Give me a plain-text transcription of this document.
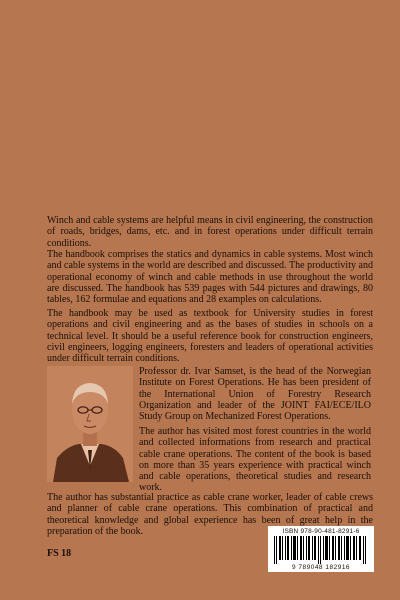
Winch and cable systems are helpful means in civil engineering, the construction of roads, bridges, dams, etc. and in forest operations under difficult terrain conditions.

The handbook comprises the statics and dynamics in cable systems. Most winch and cable systems in the world are described and discussed. The productivity and operational economy of winch and cable methods in use throughout the world are discussed. The handbook has 539 pages with 544 pictures and drawings, 80 tables, 162 formulae and equations and 28 examples on calculations.

The handbook may be used as textbook for University studies in forest operations and civil engineering and as the bases of studies in schools on a technical level. It should be a useful reference book for construction engineers, civil engineers, logging engineers, foresters and leaders of operational activities under difficult terrain conditions.

Professor dr. Ivar Samset, is the head of the Norwegian Institute on Forest Operations. He has been president of the International Union of Forestry Research Organization and leader of the JOINT FAI/ECE/ILO Study Group on Mechanized Forest Operations.

The author has visited most forest countries in the world and collected informations from research and practical cable crane operations. The content of the book is based on more than 35 years experience with practical winch and cable operations, theoretical studies and research work.

The author has substantial practice as cable crane worker, leader of cable crews and planner of cable crane operations. This combination of practical and theoretical knowledge and global experience has been of great help in the preparation of the book.

FS 18

ISBN 978-90-481-8291-6
9 789048 182916
